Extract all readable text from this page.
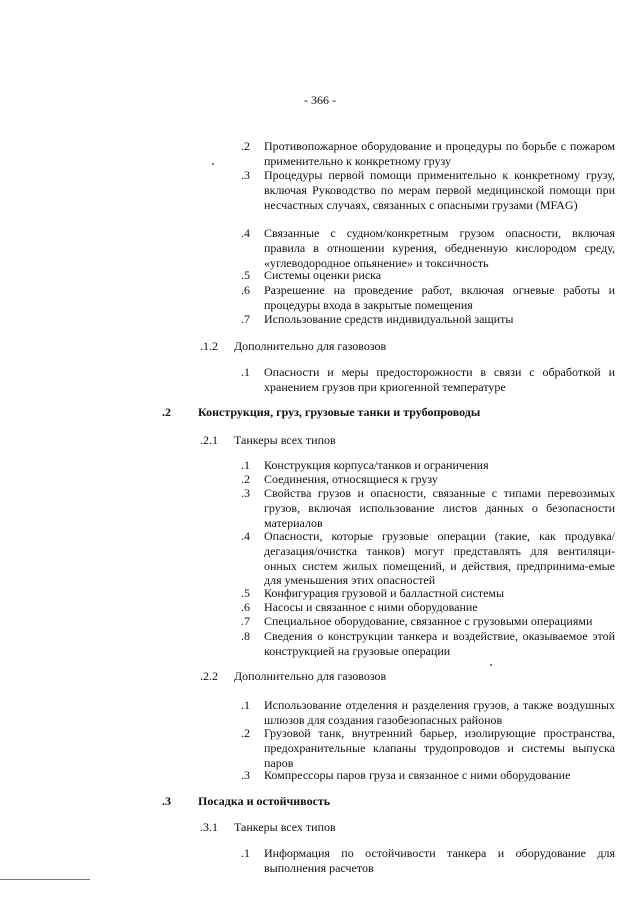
- 366 -
.2 Противопожарное оборудование и процедуры по борьбе с пожаром применительно к конкретному грузу
.3 Процедуры первой помощи применительно к конкретному грузу, включая Руководство по мерам первой медицинской помощи при несчастных случаях, связанных с опасными грузами (MFAG)
.4 Связанные с судном/конкретным грузом опасности, включая правила в отношении курения, обедненную кислородом среду, «углеводородное опьянение» и токсичность
.5 Системы оценки риска
.6 Разрешение на проведение работ, включая огневые работы и процедуры входа в закрытые помещения
.7 Использование средств индивидуальной защиты
.1.2 Дополнительно для газовозов
.1 Опасности и меры предосторожности в связи с обработкой и хранением грузов при криогенной температуре
.2 Конструкция, груз, грузовые танки и трубопроводы
.2.1 Танкеры всех типов
.1 Конструкция корпуса/танков и ограничения
.2 Соединения, относящиеся к грузу
.3 Свойства грузов и опасности, связанные с типами перевозимых грузов, включая использование листов данных о безопасности материалов
.4 Опасности, которые грузовые операции (такие, как продувка/ дегазация/очистка танков) могут представлять для вентиляци-онных систем жилых помещений, и действия, предпринима-емые для уменьшения этих опасностей
.5 Конфигурация грузовой и балластной системы
.6 Насосы и связанное с ними оборудование
.7 Специальное оборудование, связанное с грузовыми операциями
.8 Сведения о конструкции танкера и воздействие, оказываемое этой конструкцией на грузовые операции
.2.2 Дополнительно для газовозов
.1 Использование отделения и разделения грузов, а также воздушных шлюзов для создания газобезопасных районов
.2 Грузовой танк, внутренний барьер, изолирующие пространства, предохранительные клапаны трудопроводов и системы выпуска паров
.3 Компрессоры паров груза и связанное с ними оборудование
.3 Посадка и остойчивость
.3.1 Танкеры всех типов
.1 Информация по остойчивости танкера и оборудование для выполнения расчетов
